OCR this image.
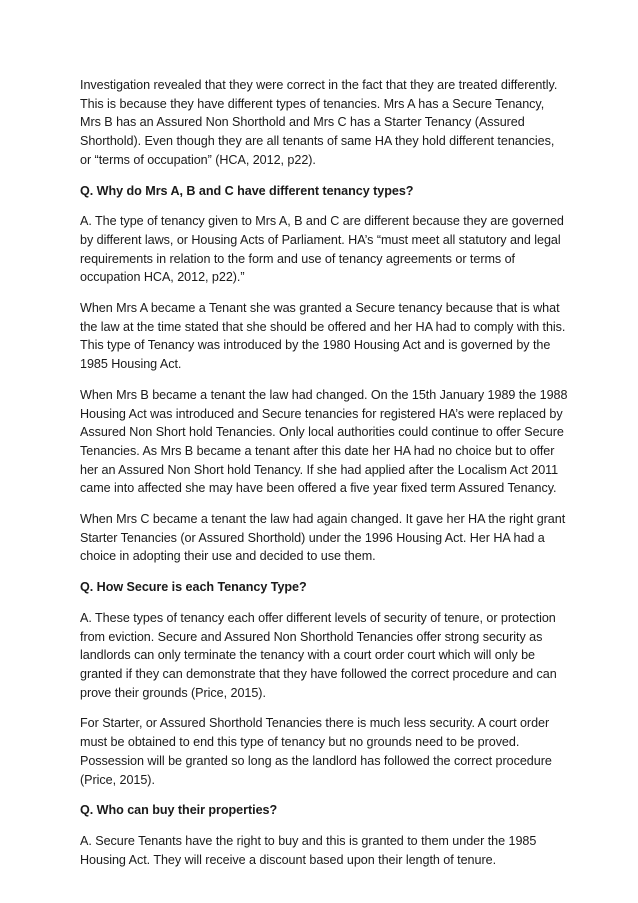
Investigation revealed that they were correct in the fact that they are treated differently. This is because they have different types of tenancies. Mrs A has a Secure Tenancy, Mrs B has an Assured Non Shorthold and Mrs C has a Starter Tenancy (Assured Shorthold). Even though they are all tenants of same HA they hold different tenancies, or “terms of occupation” (HCA, 2012, p22).

Q. Why do Mrs A, B and C have different tenancy types?

A. The type of tenancy given to Mrs A, B and C are different because they are governed by different laws, or Housing Acts of Parliament. HA’s “must meet all statutory and legal requirements in relation to the form and use of tenancy agreements or terms of occupation HCA, 2012, p22).”

When Mrs A became a Tenant she was granted a Secure tenancy because that is what the law at the time stated that she should be offered and her HA had to comply with this. This type of Tenancy was introduced by the 1980 Housing Act and is governed by the 1985 Housing Act.

When Mrs B became a tenant the law had changed. On the 15th January 1989 the 1988 Housing Act was introduced and Secure tenancies for registered HA’s were replaced by Assured Non Short hold Tenancies. Only local authorities could continue to offer Secure Tenancies. As Mrs B became a tenant after this date her HA had no choice but to offer her an Assured Non Short hold Tenancy. If she had applied after the Localism Act 2011 came into affected she may have been offered a five year fixed term Assured Tenancy.

When Mrs C became a tenant the law had again changed. It gave her HA the right grant Starter Tenancies (or Assured Shorthold) under the 1996 Housing Act. Her HA had a choice in adopting their use and decided to use them.

Q. How Secure is each Tenancy Type?

A. These types of tenancy each offer different levels of security of tenure, or protection from eviction. Secure and Assured Non Shorthold Tenancies offer strong security as landlords can only terminate the tenancy with a court order court which will only be granted if they can demonstrate that they have followed the correct procedure and can prove their grounds (Price, 2015).

For Starter, or Assured Shorthold Tenancies there is much less security. A court order must be obtained to end this type of tenancy but no grounds need to be proved. Possession will be granted so long as the landlord has followed the correct procedure (Price, 2015).

Q. Who can buy their properties?

A. Secure Tenants have the right to buy and this is granted to them under the 1985 Housing Act. They will receive a discount based upon their length of tenure.
